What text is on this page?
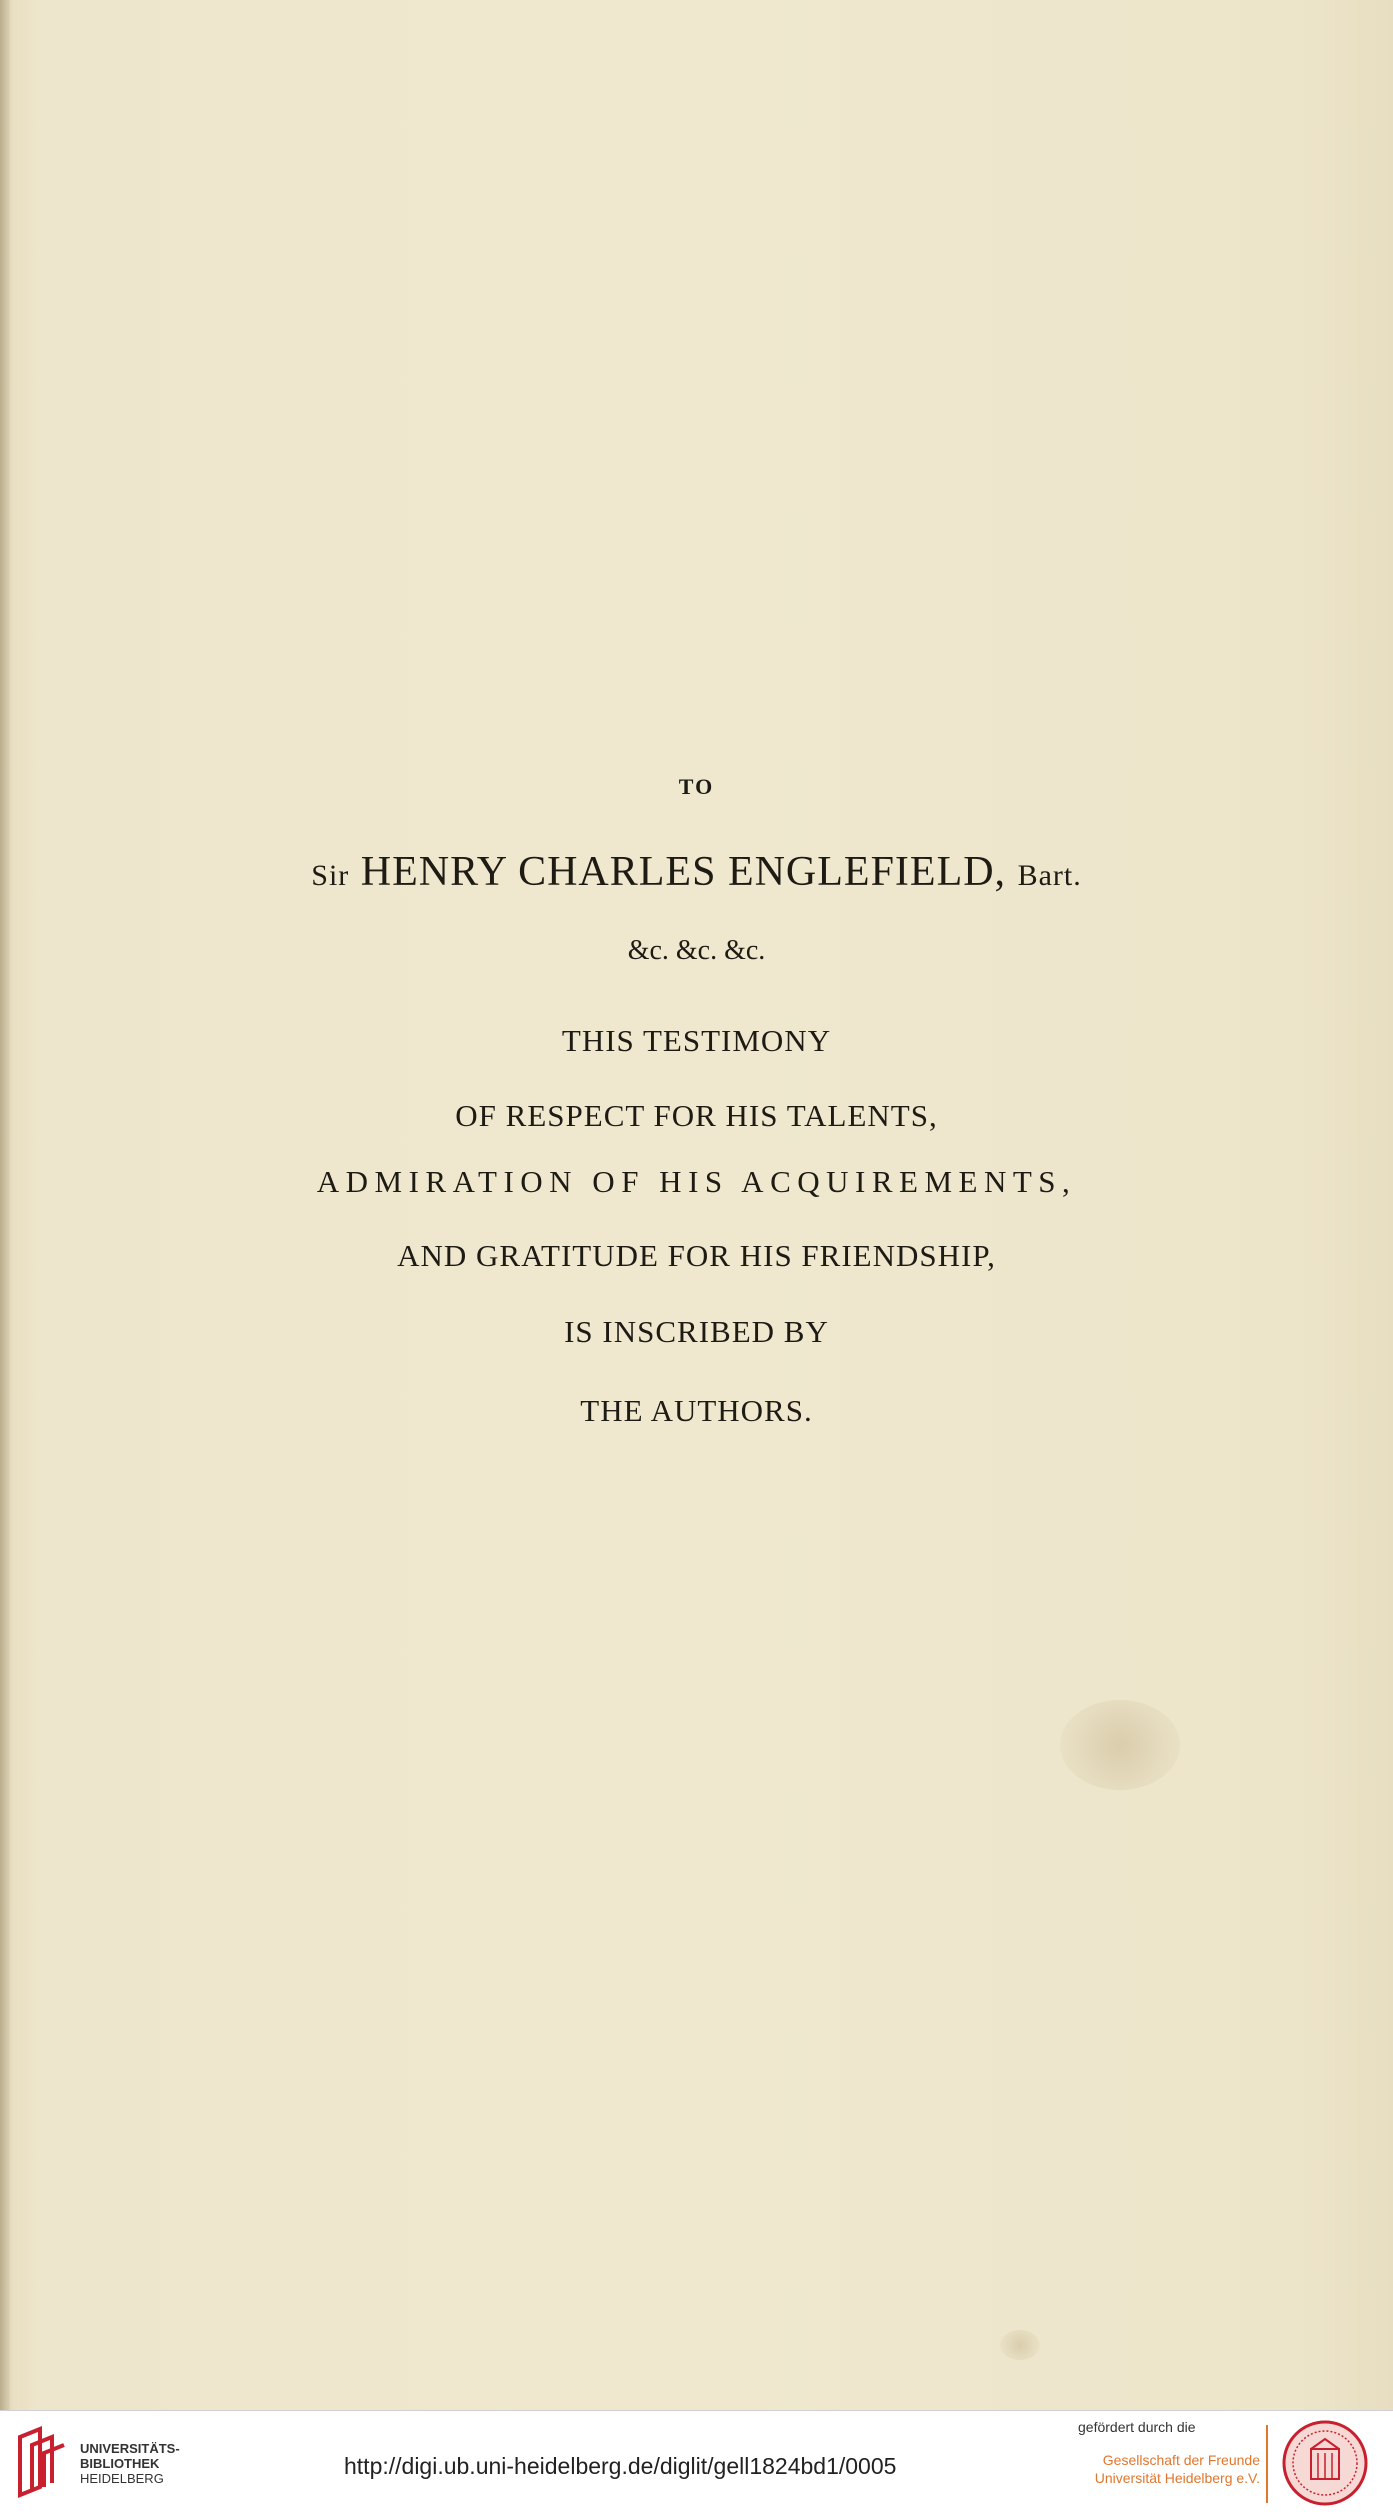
TO
Sir HENRY CHARLES ENGLEFIELD, Bart.
&c. &c. &c.
THIS TESTIMONY
OF RESPECT FOR HIS TALENTS,
ADMIRATION OF HIS ACQUIREMENTS,
AND GRATITUDE FOR HIS FRIENDSHIP,
IS INSCRIBED BY
THE AUTHORS.
UNIVERSITÄTS-
BIBLIOTHEK
HEIDELBERG	http://digi.ub.uni-heidelberg.de/diglit/gell1824bd1/0005
gefördert durch die
Gesellschaft der Freunde
Universität Heidelberg e.V.
